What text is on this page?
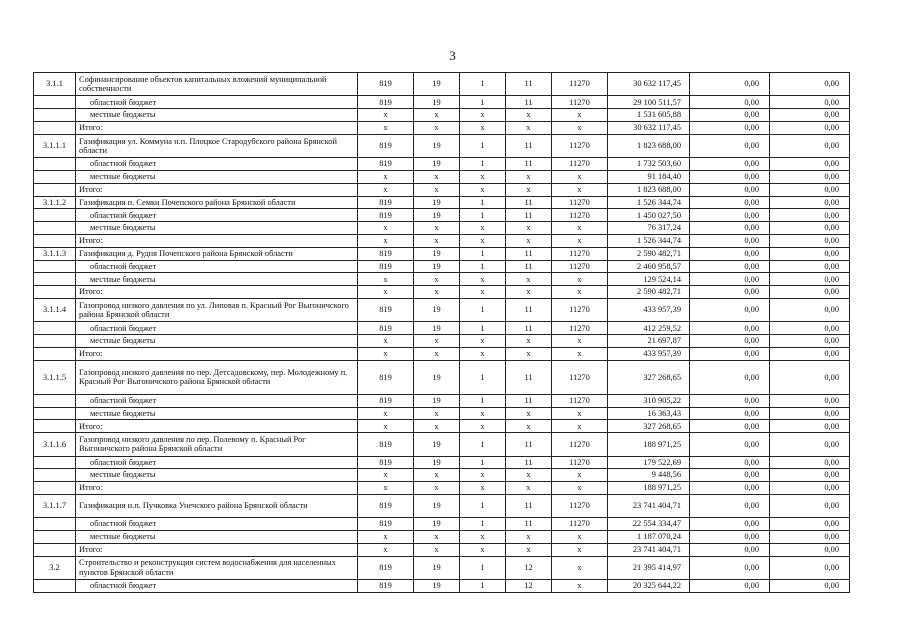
3
3.1.1	Софинансирование объектов капитальных вложений муниципальной собственности	819	19	1	11	11270	30 632 117,45	0,00	0,00
	областной бюджет	819	19	1	11	11270	29 100 511,57	0,00	0,00
	местные бюджеты	х	х	х	х	х	1 531 605,88	0,00	0,00
	Итого:	х	х	х	х	х	30 632 117,45	0,00	0,00
3.1.1.1	Газификация ул. Коммуна н.п. Плоцкое Стародубского района Брянской области	819	19	1	11	11270	1 823 688,00	0,00	0,00
	областной бюджет	819	19	1	11	11270	1 732 503,60	0,00	0,00
	местные бюджеты	х	х	х	х	х	91 184,40	0,00	0,00
	Итого:	х	х	х	х	х	1 823 688,00	0,00	0,00
3.1.1.2	Газификация п. Семки Почепского района Брянской области	819	19	1	11	11270	1 526 344,74	0,00	0,00
	областной бюджет	819	19	1	11	11270	1 450 027,50	0,00	0,00
	местные бюджеты	х	х	х	х	х	76 317,24	0,00	0,00
	Итого:	х	х	х	х	х	1 526 344,74	0,00	0,00
3.1.1.3	Газификация д. Рудня Почепского района Брянской области	819	19	1	11	11270	2 590 482,71	0,00	0,00
	областной бюджет	819	19	1	11	11270	2 460 958,57	0,00	0,00
	местные бюджеты	х	х	х	х	х	129 524,14	0,00	0,00
	Итого:	х	х	х	х	х	2 590 482,71	0,00	0,00
3.1.1.4	Газопровод низкого давления по ул. Липовая п. Красный Рог Выгоничского района Брянской области	819	19	1	11	11270	433 957,39	0,00	0,00
	областной бюджет	819	19	1	11	11270	412 259,52	0,00	0,00
	местные бюджеты	х	х	х	х	х	21 697,87	0,00	0,00
	Итого:	х	х	х	х	х	433 957,39	0,00	0,00
3.1.1.5	Газопровод низкого давления по пер. Детсадовскому, пер. Молодежному п. Красный Рог Выгоничского района Брянской области	819	19	1	11	11270	327 268,65	0,00	0,00
	областной бюджет	819	19	1	11	11270	310 905,22	0,00	0,00
	местные бюджеты	х	х	х	х	х	16 363,43	0,00	0,00
	Итого:	х	х	х	х	х	327 268,65	0,00	0,00
3.1.1.6	Газопровод низкого давления по пер. Полевому п. Красный Рог Выгоничского района Брянской области	819	19	1	11	11270	188 971,25	0,00	0,00
	областной бюджет	819	19	1	11	11270	179 522,69	0,00	0,00
	местные бюджеты	х	х	х	х	х	9 448,56	0,00	0,00
	Итого:	х	х	х	х	х	188 971,25	0,00	0,00
3.1.1.7	Газификация н.п. Пучковка Унечского района Брянской области	819	19	1	11	11270	23 741 404,71	0,00	0,00
	областной бюджет	819	19	1	11	11270	22 554 334,47	0,00	0,00
	местные бюджеты	х	х	х	х	х	1 187 070,24	0,00	0,00
	Итого:	х	х	х	х	х	23 741 404,71	0,00	0,00
3.2	Строительство и реконструкция систем водоснабжения для населенных пунктов Брянской области	819	19	1	12	х	21 395 414,97	0,00	0,00
	областной бюджет	819	19	1	12	х	20 325 644,22	0,00	0,00
